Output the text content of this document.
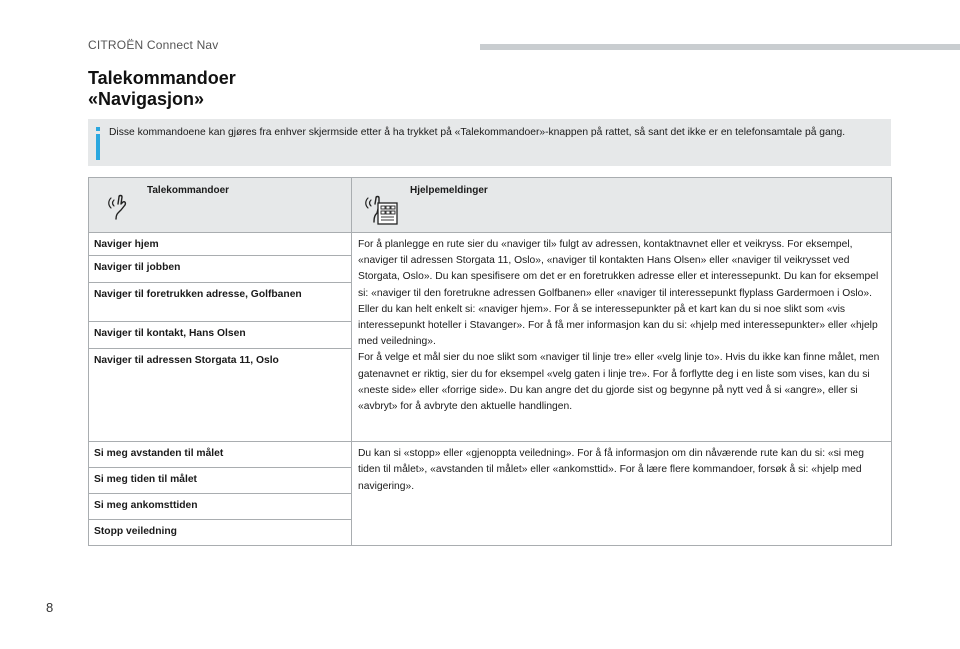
CITROËN Connect Nav
Talekommandoer
«Navigasjon»

Disse kommandoene kan gjøres fra enhver skjermside etter å ha trykket på «Talekommandoer»-knappen på rattet, så sant det ikke er en telefonsamtale på gang.

Talekommandoer	Hjelpemeldinger

Naviger hjem	For å planlegge en rute sier du «naviger til» fulgt av adressen, kontaktnavnet eller et veikryss. For eksempel, «naviger til adressen Storgata 11, Oslo», «naviger til kontakten Hans Olsen» eller «naviger til veikrysset ved Storgata, Oslo». Du kan spesifisere om det er en foretrukken adresse eller et interessepunkt. Du kan for eksempel si: «naviger til den foretrukne adressen Golfbanen» eller «naviger til interessepunkt flyplass Gardermoen i Oslo». Eller du kan helt enkelt si: «naviger hjem». For å se interessepunkter på et kart kan du si noe slikt som «vis interessepunkt hoteller i Stavanger». For å få mer informasjon kan du si: «hjelp med interessepunkter» eller «hjelp med veiledning».

For å velge et mål sier du noe slikt som «naviger til linje tre» eller «velg linje to». Hvis du ikke kan finne målet, men gatenavnet er riktig, sier du for eksempel «velg gaten i linje tre». For å forflytte deg i en liste som vises, kan du si «neste side» eller «forrige side». Du kan angre det du gjorde sist og begynne på nytt ved å si «angre», eller si «avbryt» for å avbryte den aktuelle handlingen.

Naviger til jobben	
Naviger til foretrukken adresse, Golfbanen	
Naviger til kontakt, Hans Olsen	
Naviger til adressen Storgata 11, Oslo	
Si meg avstanden til målet	Du kan si «stopp» eller «gjenoppta veiledning». For å få informasjon om din nåværende rute kan du si: «si meg tiden til målet», «avstanden til målet» eller «ankomsttid». For å lære flere kommandoer, forsøk å si: «hjelp med navigering».

Si meg tiden til målet	
Si meg ankomsttiden	
Stopp veiledning	
8
